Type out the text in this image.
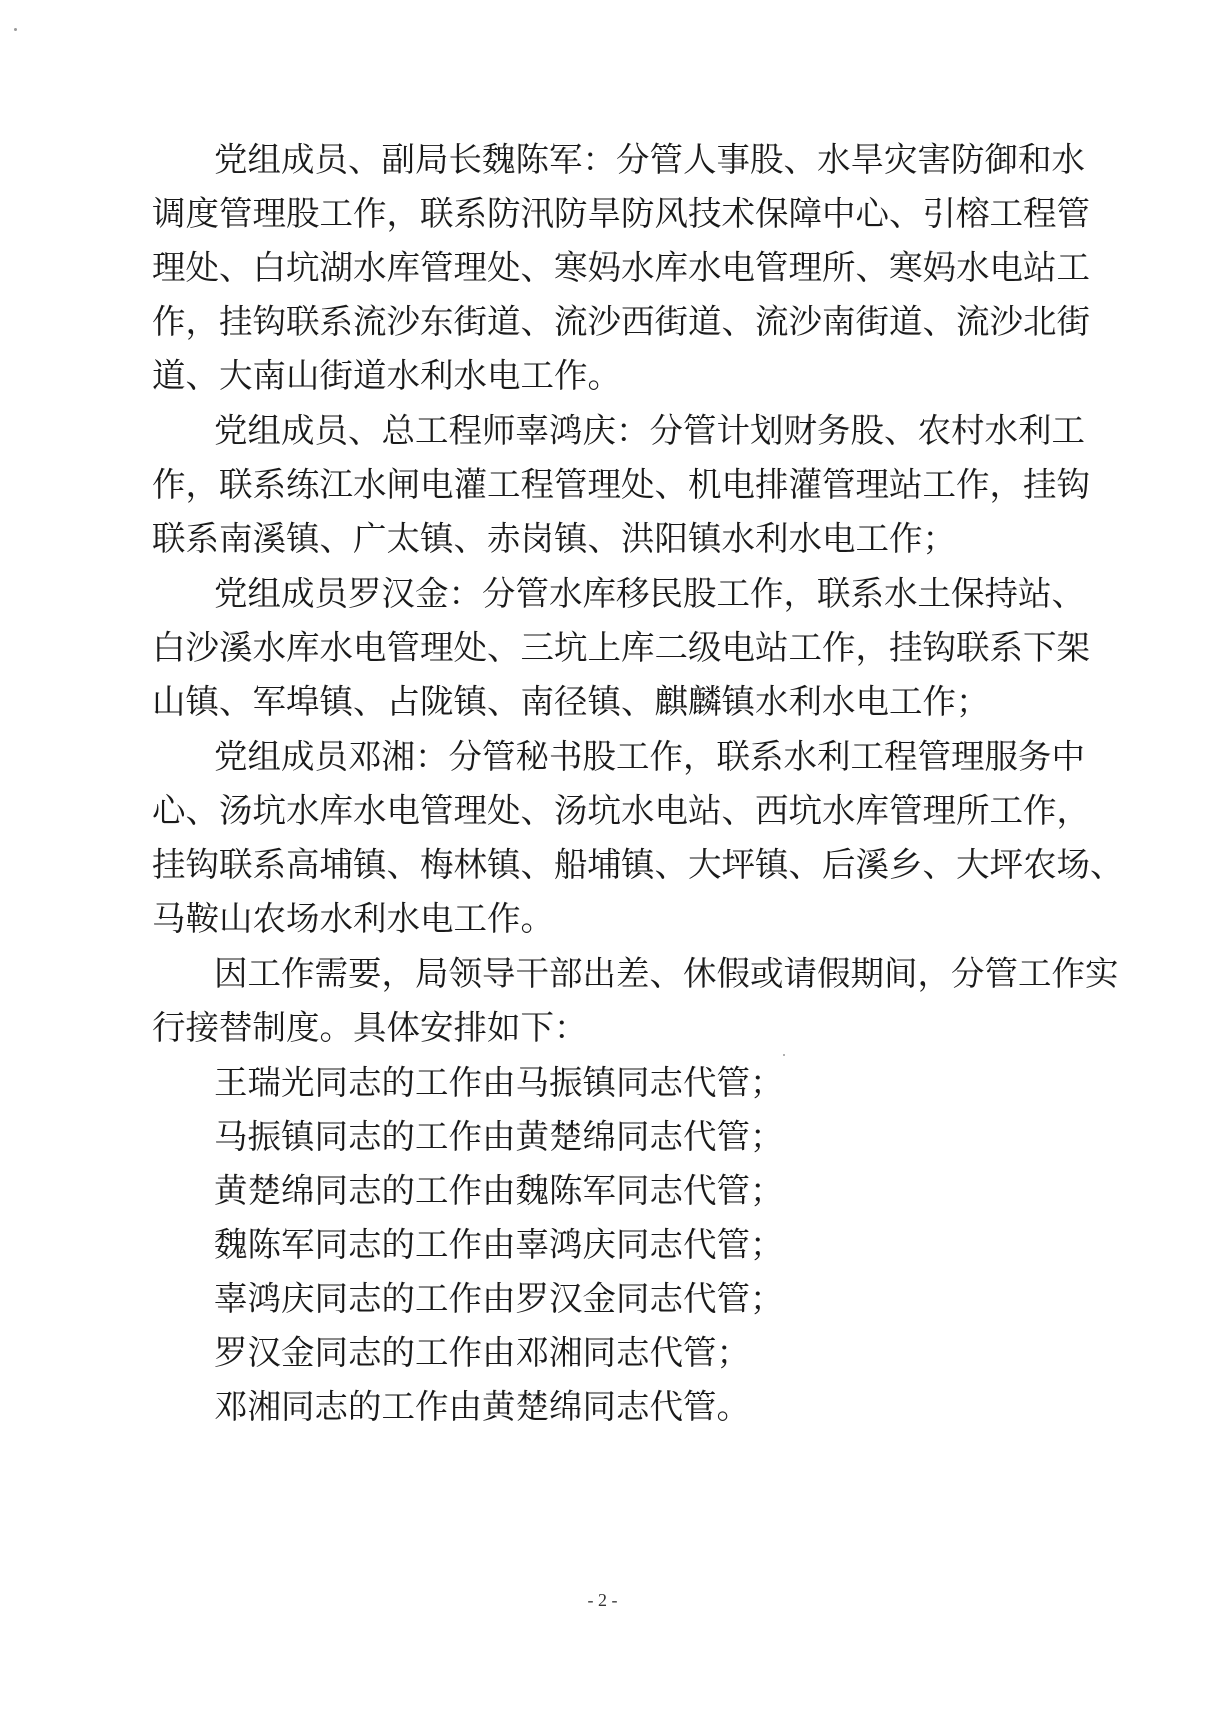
党组成员、副局长魏陈军：分管人事股、水旱灾害防御和水
调度管理股工作，联系防汛防旱防风技术保障中心、引榕工程管
理处、白坑湖水库管理处、寒妈水库水电管理所、寒妈水电站工
作，挂钩联系流沙东街道、流沙西街道、流沙南街道、流沙北街
道、大南山街道水利水电工作。
党组成员、总工程师辜鸿庆：分管计划财务股、农村水利工
作，联系练江水闸电灌工程管理处、机电排灌管理站工作，挂钩
联系南溪镇、广太镇、赤岗镇、洪阳镇水利水电工作；
党组成员罗汉金：分管水库移民股工作，联系水土保持站、
白沙溪水库水电管理处、三坑上库二级电站工作，挂钩联系下架
山镇、军埠镇、占陇镇、南径镇、麒麟镇水利水电工作；
党组成员邓湘：分管秘书股工作，联系水利工程管理服务中
心、汤坑水库水电管理处、汤坑水电站、西坑水库管理所工作，
挂钩联系高埔镇、梅林镇、船埔镇、大坪镇、后溪乡、大坪农场、
马鞍山农场水利水电工作。
因工作需要，局领导干部出差、休假或请假期间，分管工作实
行接替制度。具体安排如下：
王瑞光同志的工作由马振镇同志代管；
马振镇同志的工作由黄楚绵同志代管；
黄楚绵同志的工作由魏陈军同志代管；
魏陈军同志的工作由辜鸿庆同志代管；
辜鸿庆同志的工作由罗汉金同志代管；
罗汉金同志的工作由邓湘同志代管；
邓湘同志的工作由黄楚绵同志代管。
- 2 -
